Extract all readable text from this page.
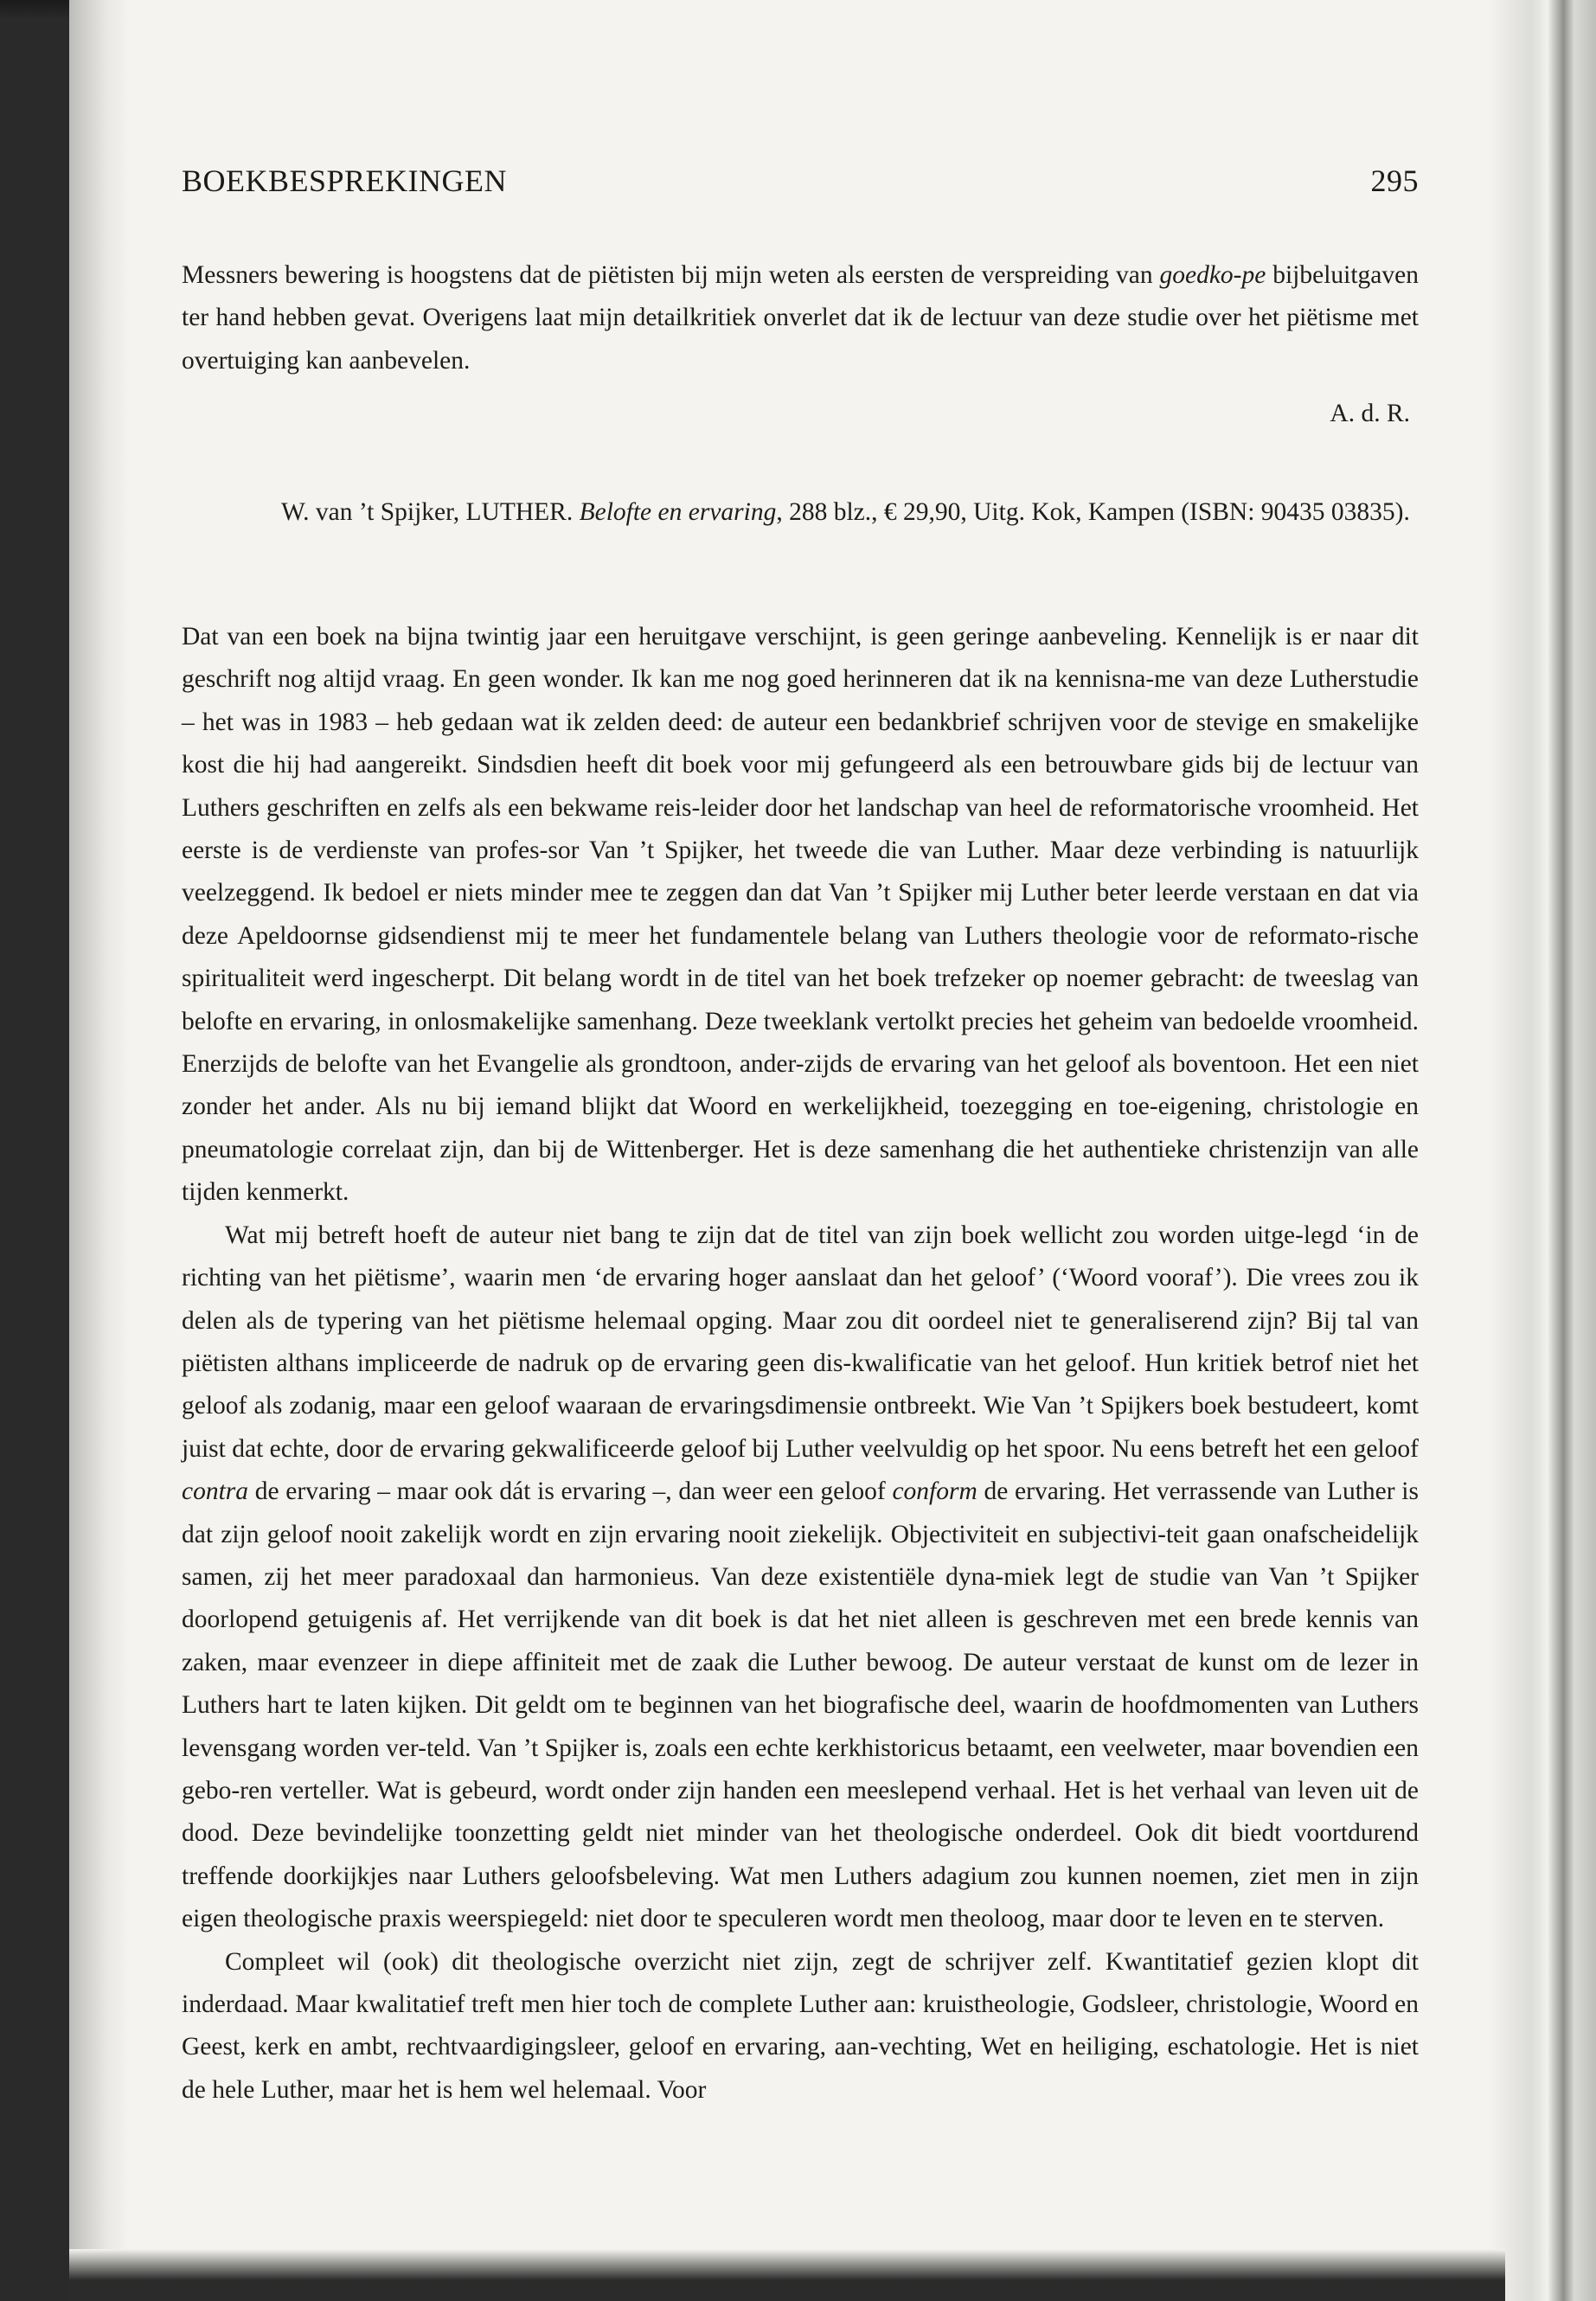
BOEKBESPREKINGEN	295

Messners bewering is hoogstens dat de piëtisten bij mijn weten als eersten de verspreiding van goedko-pe bijbeluitgaven ter hand hebben gevat. Overigens laat mijn detailkritiek onverlet dat ik de lectuur van deze studie over het piëtisme met overtuiging kan aanbevelen.

A. d. R.

W. van ’t Spijker, LUTHER. Belofte en ervaring, 288 blz., € 29,90, Uitg. Kok, Kampen (ISBN: 90435 03835).

Dat van een boek na bijna twintig jaar een heruitgave verschijnt, is geen geringe aanbeveling. Kennelijk is er naar dit geschrift nog altijd vraag. En geen wonder. Ik kan me nog goed herinneren dat ik na kennisna-me van deze Lutherstudie – het was in 1983 – heb gedaan wat ik zelden deed: de auteur een bedankbrief schrijven voor de stevige en smakelijke kost die hij had aangereikt. Sindsdien heeft dit boek voor mij gefungeerd als een betrouwbare gids bij de lectuur van Luthers geschriften en zelfs als een bekwame reis-leider door het landschap van heel de reformatorische vroomheid. Het eerste is de verdienste van profes-sor Van ’t Spijker, het tweede die van Luther. Maar deze verbinding is natuurlijk veelzeggend. Ik bedoel er niets minder mee te zeggen dan dat Van ’t Spijker mij Luther beter leerde verstaan en dat via deze Apeldoornse gidsendienst mij te meer het fundamentele belang van Luthers theologie voor de reformato-rische spiritualiteit werd ingescherpt. Dit belang wordt in de titel van het boek trefzeker op noemer gebracht: de tweeslag van belofte en ervaring, in onlosmakelijke samenhang. Deze tweeklank vertolkt precies het geheim van bedoelde vroomheid. Enerzijds de belofte van het Evangelie als grondtoon, ander-zijds de ervaring van het geloof als boventoon. Het een niet zonder het ander. Als nu bij iemand blijkt dat Woord en werkelijkheid, toezegging en toe-eigening, christologie en pneumatologie correlaat zijn, dan bij de Wittenberger. Het is deze samenhang die het authentieke christenzijn van alle tijden kenmerkt.

Wat mij betreft hoeft de auteur niet bang te zijn dat de titel van zijn boek wellicht zou worden uitge-legd ‘in de richting van het piëtisme’, waarin men ‘de ervaring hoger aanslaat dan het geloof’ (‘Woord vooraf’). Die vrees zou ik delen als de typering van het piëtisme helemaal opging. Maar zou dit oordeel niet te generaliserend zijn? Bij tal van piëtisten althans impliceerde de nadruk op de ervaring geen dis-kwalificatie van het geloof. Hun kritiek betrof niet het geloof als zodanig, maar een geloof waaraan de ervaringsdimensie ontbreekt. Wie Van ’t Spijkers boek bestudeert, komt juist dat echte, door de ervaring gekwalificeerde geloof bij Luther veelvuldig op het spoor. Nu eens betreft het een geloof contra de ervaring – maar ook dát is ervaring –, dan weer een geloof conform de ervaring. Het verrassende van Luther is dat zijn geloof nooit zakelijk wordt en zijn ervaring nooit ziekelijk. Objectiviteit en subjectivi-teit gaan onafscheidelijk samen, zij het meer paradoxaal dan harmonieus. Van deze existentiële dyna-miek legt de studie van Van ’t Spijker doorlopend getuigenis af. Het verrijkende van dit boek is dat het niet alleen is geschreven met een brede kennis van zaken, maar evenzeer in diepe affiniteit met de zaak die Luther bewoog. De auteur verstaat de kunst om de lezer in Luthers hart te laten kijken. Dit geldt om te beginnen van het biografische deel, waarin de hoofdmomenten van Luthers levensgang worden ver-teld. Van ’t Spijker is, zoals een echte kerkhistoricus betaamt, een veelweter, maar bovendien een gebo-ren verteller. Wat is gebeurd, wordt onder zijn handen een meeslepend verhaal. Het is het verhaal van leven uit de dood. Deze bevindelijke toonzetting geldt niet minder van het theologische onderdeel. Ook dit biedt voortdurend treffende doorkijkjes naar Luthers geloofsbeleving. Wat men Luthers adagium zou kunnen noemen, ziet men in zijn eigen theologische praxis weerspiegeld: niet door te speculeren wordt men theoloog, maar door te leven en te sterven.

Compleet wil (ook) dit theologische overzicht niet zijn, zegt de schrijver zelf. Kwantitatief gezien klopt dit inderdaad. Maar kwalitatief treft men hier toch de complete Luther aan: kruistheologie, Godsleer, christologie, Woord en Geest, kerk en ambt, rechtvaardigingsleer, geloof en ervaring, aan-vechting, Wet en heiliging, eschatologie. Het is niet de hele Luther, maar het is hem wel helemaal. Voor
